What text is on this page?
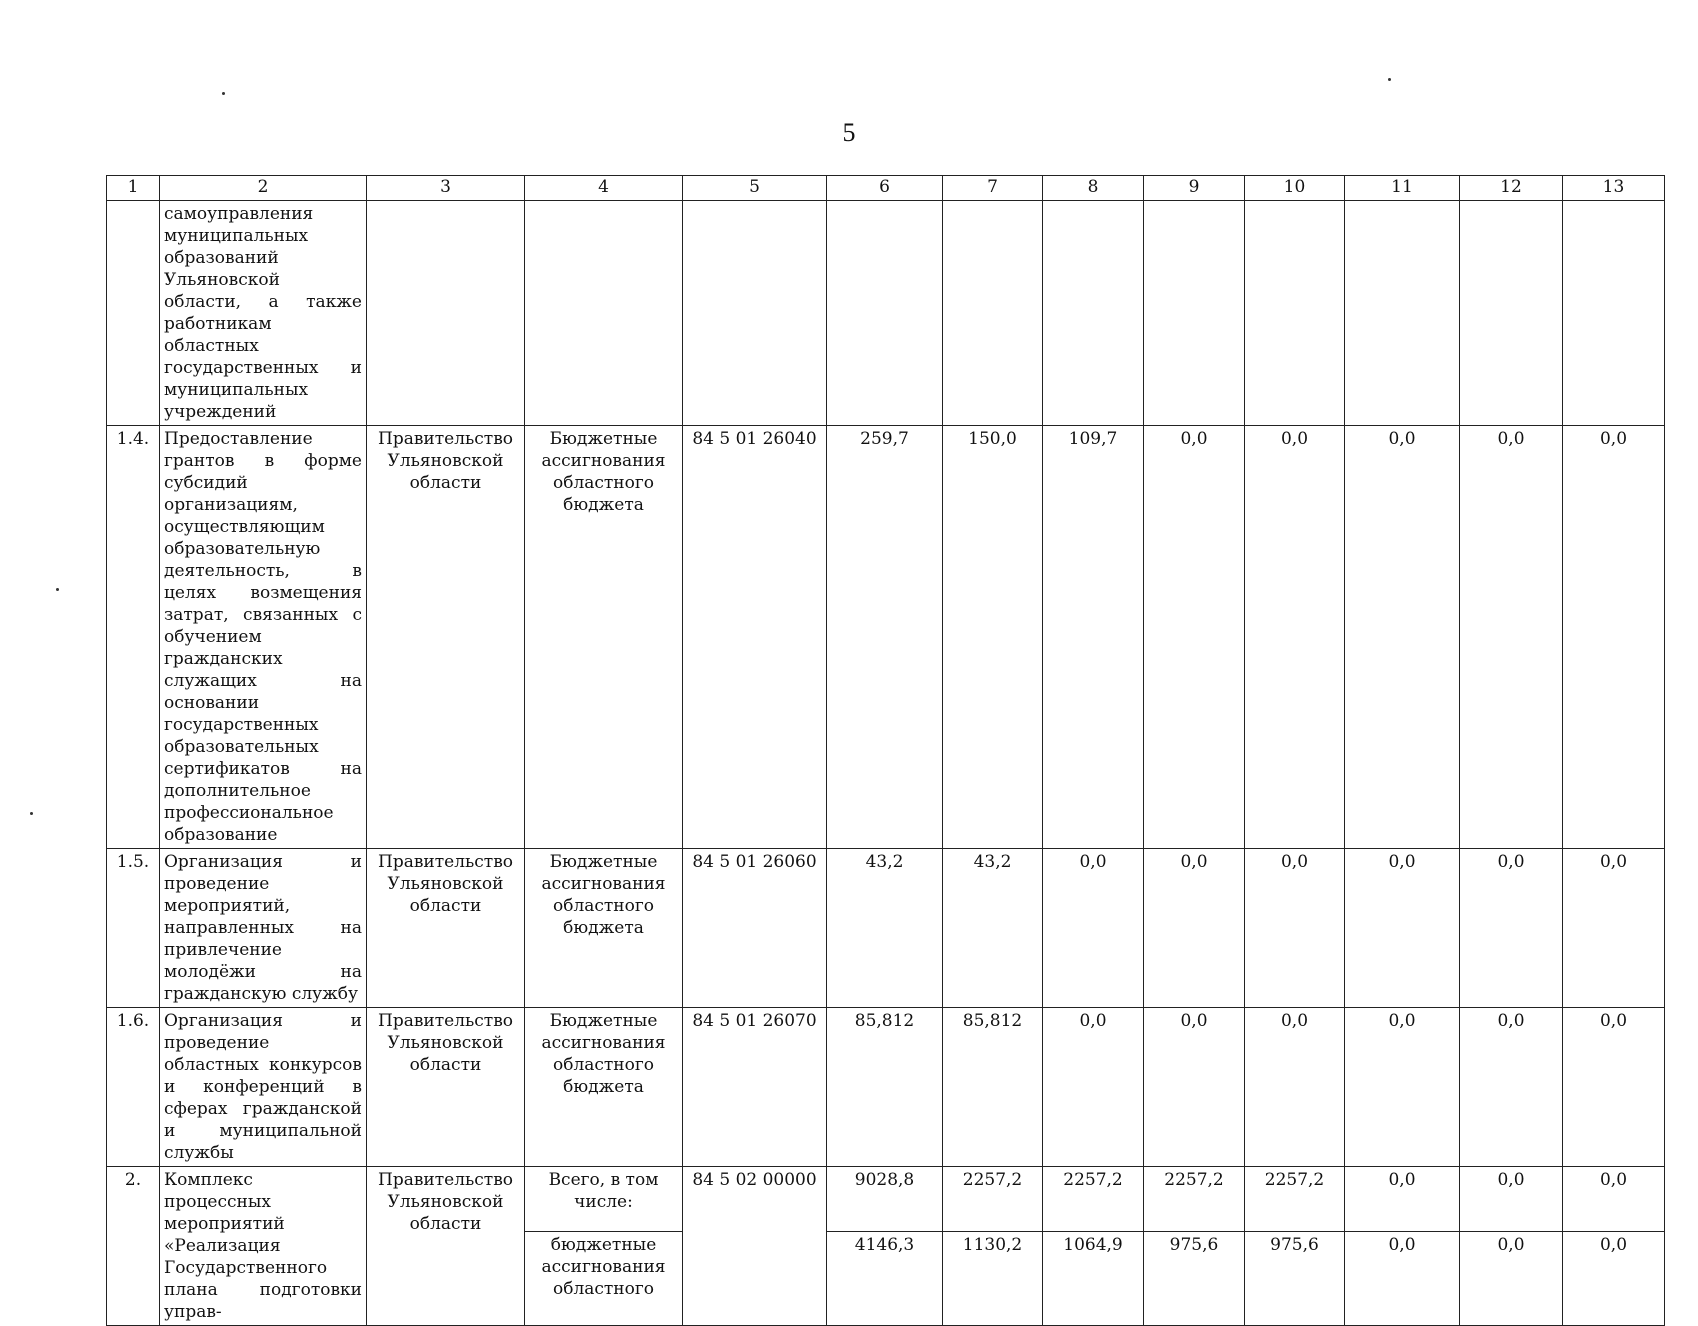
5
1	2	3	4	5	6	7	8	9	10	11	12	13
	самоуправления муниципальных образований Ульяновской области, а также работникам областных государственных и муниципальных учреждений											
1.4.	Предоставление грантов в форме субсидий организациям, осуществляющим образовательную деятельность, в целях возмещения затрат, связанных с обучением гражданских служащих на основании государственных образовательных сертификатов на дополнительное профессиональное образование	Правительство Ульяновской области	Бюджетные ассигнования областного бюджета	84 5 01 26040	259,7	150,0	109,7	0,0	0,0	0,0	0,0	0,0
1.5.	Организация и проведение мероприятий, направленных на привлечение молодёжи на гражданскую службу	Правительство Ульяновской области	Бюджетные ассигнования областного бюджета	84 5 01 26060	43,2	43,2	0,0	0,0	0,0	0,0	0,0	0,0
1.6.	Организация и проведение областных конкурсов и конференций в сферах гражданской и муниципальной службы	Правительство Ульяновской области	Бюджетные ассигнования областного бюджета	84 5 01 26070	85,812	85,812	0,0	0,0	0,0	0,0	0,0	0,0
2.	Комплекс процессных мероприятий «Реализация Государственного плана подготовки управ-	Правительство Ульяновской области	Всего, в том числе:	84 5 02 00000	9028,8	2257,2	2257,2	2257,2	2257,2	0,0	0,0	0,0
			бюджетные ассигнования областного		4146,3	1130,2	1064,9	975,6	975,6	0,0	0,0	0,0
